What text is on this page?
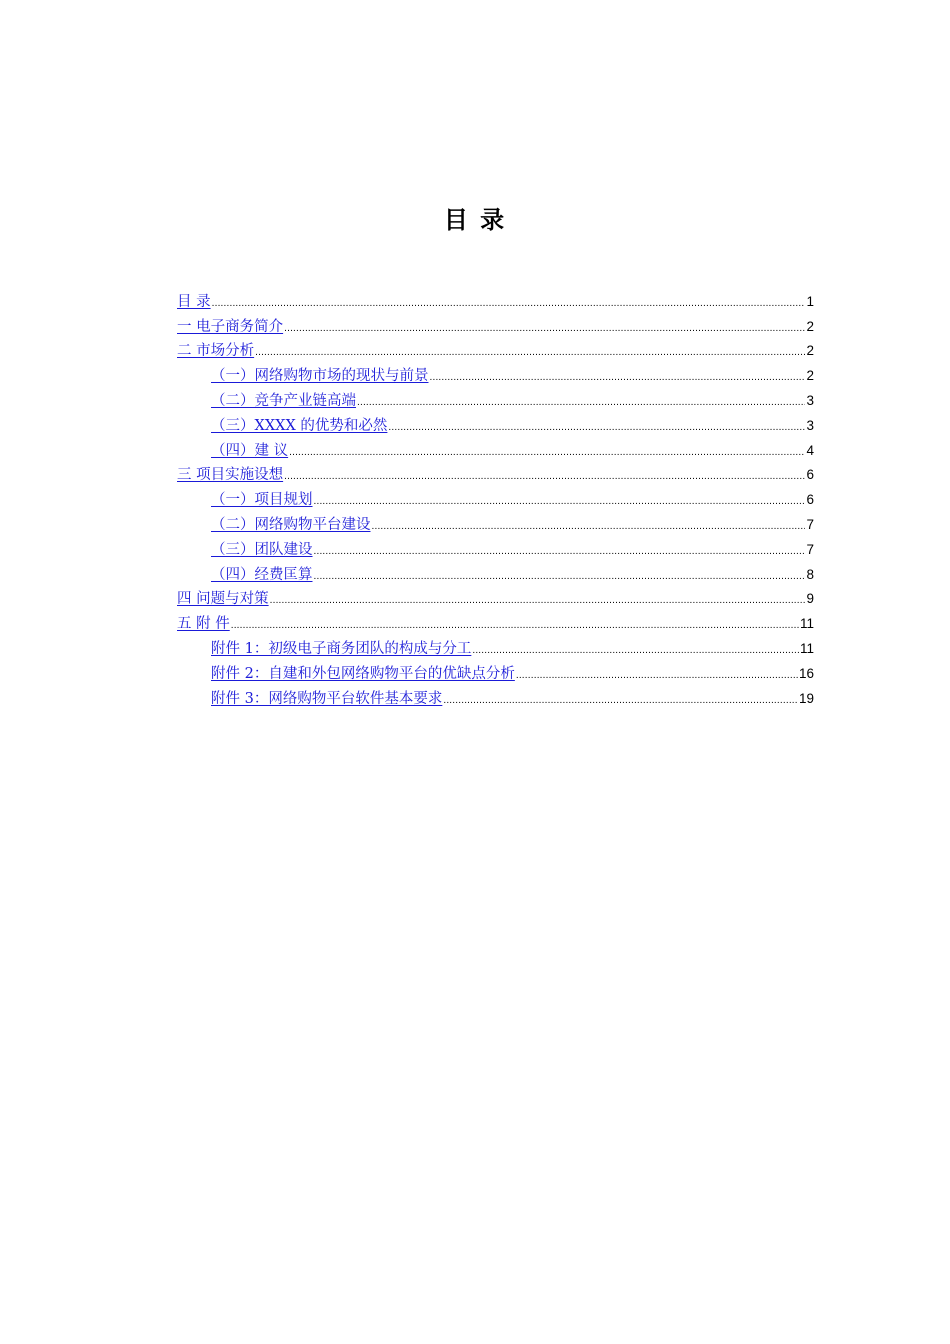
目 录
目 录 .....	1
一 电子商务简介 .....	2
二 市场分析 .....	2
（一）网络购物市场的现状与前景 .....	2
（二）竞争产业链高端 .....	3
（三）XXXX 的优势和必然 .....	3
（四）建 议 .....	4
三 项目实施设想 .....	6
（一）项目规划 .....	6
（二）网络购物平台建设 .....	7
（三）团队建设 .....	7
（四）经费匡算 .....	8
四 问题与对策 .....	9
五 附 件 .....	11
附件 1：初级电子商务团队的构成与分工 .....	11
附件 2：自建和外包网络购物平台的优缺点分析 .....	16
附件 3：网络购物平台软件基本要求 .....	19
